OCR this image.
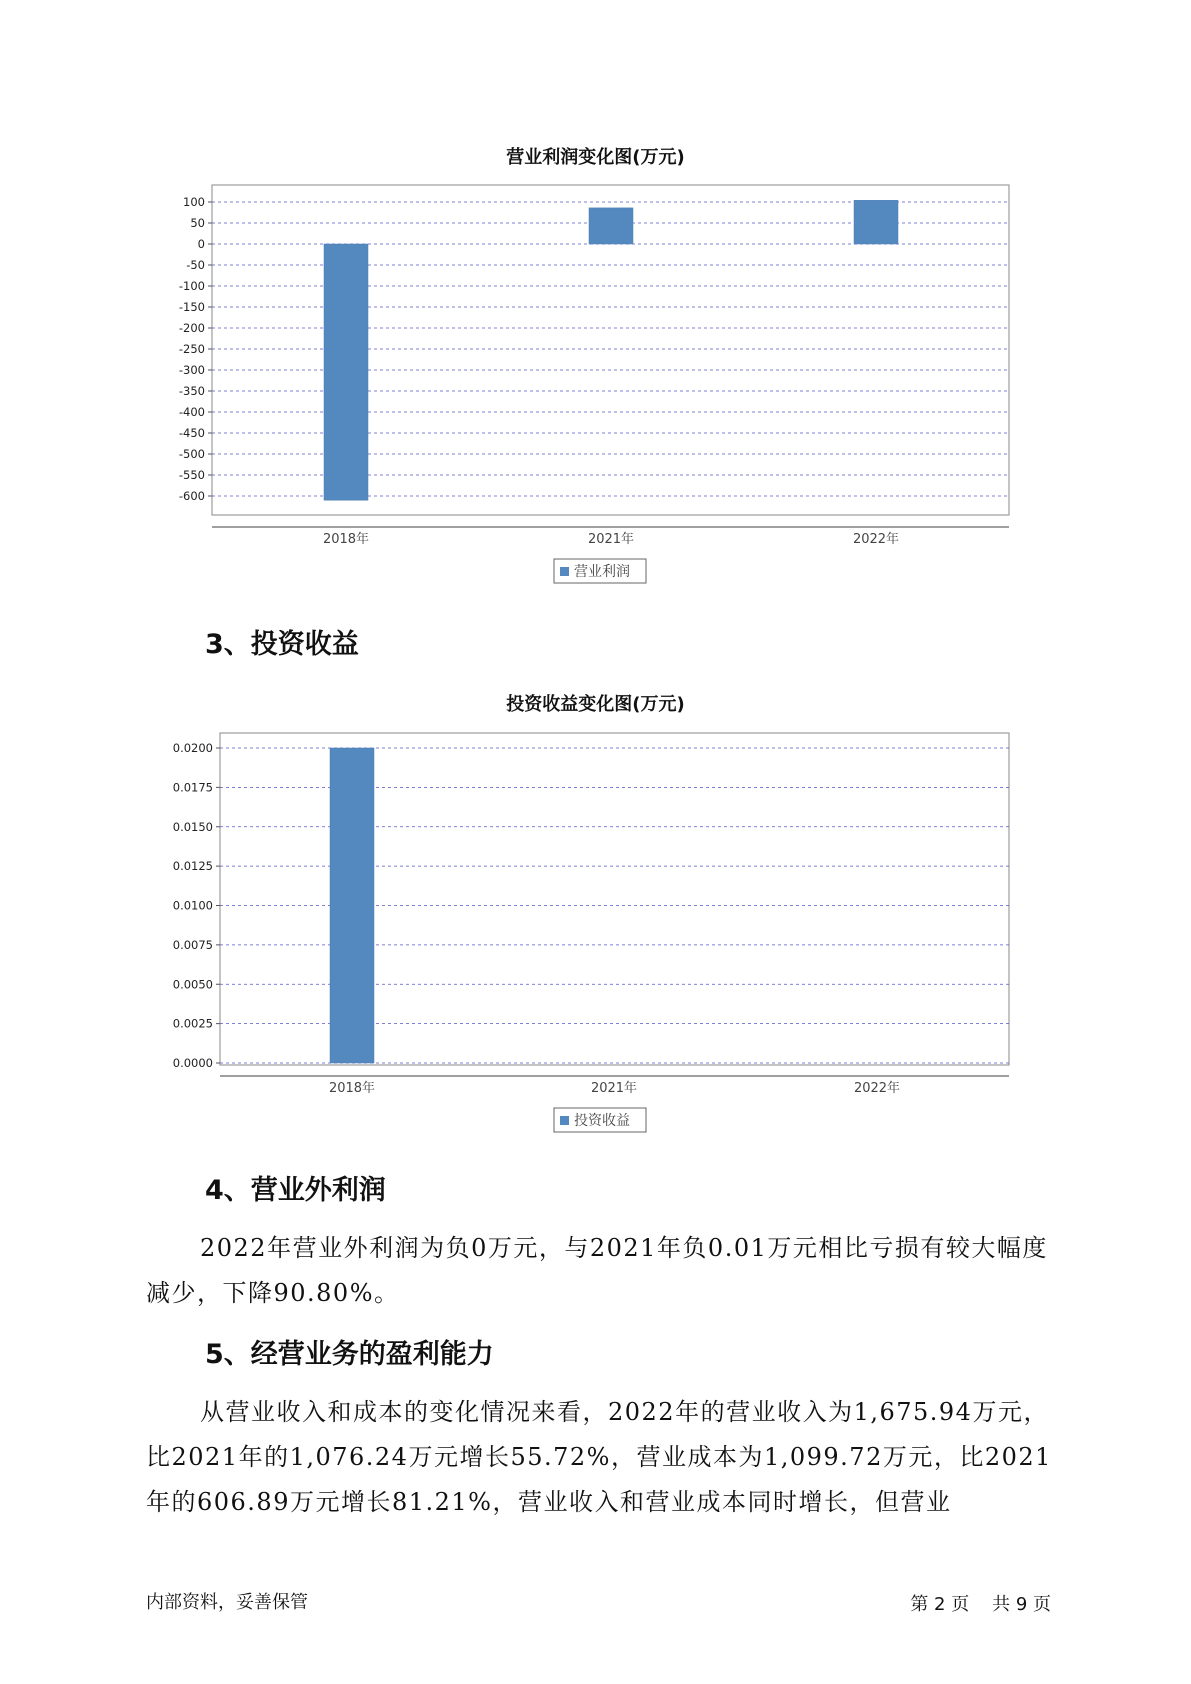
营业利润变化图(万元)
100
50
0
-50
-100
-150
-200
-250
-300
-350
-400
-450
-500
-550
-600
2018年	2021年	2022年
营业利润
3、投资收益
投资收益变化图(万元)
0.0200
0.0175
0.0150
0.0125
0.0100
0.0075
0.0050
0.0025
0.0000
2018年	2021年	2022年
投资收益
4、营业外利润

2022年营业外利润为负0万元，与2021年负0.01万元相比亏损有较大幅度减少，下降90.80%。

5、经营业务的盈利能力

从营业收入和成本的变化情况来看，2022年的营业收入为1,675.94万元，比2021年的1,076.24万元增长55.72%，营业成本为1,099.72万元，比2021年的606.89万元增长81.21%，营业收入和营业成本同时增长，但营业

内部资料，妥善保管	第 2 页    共 9 页
